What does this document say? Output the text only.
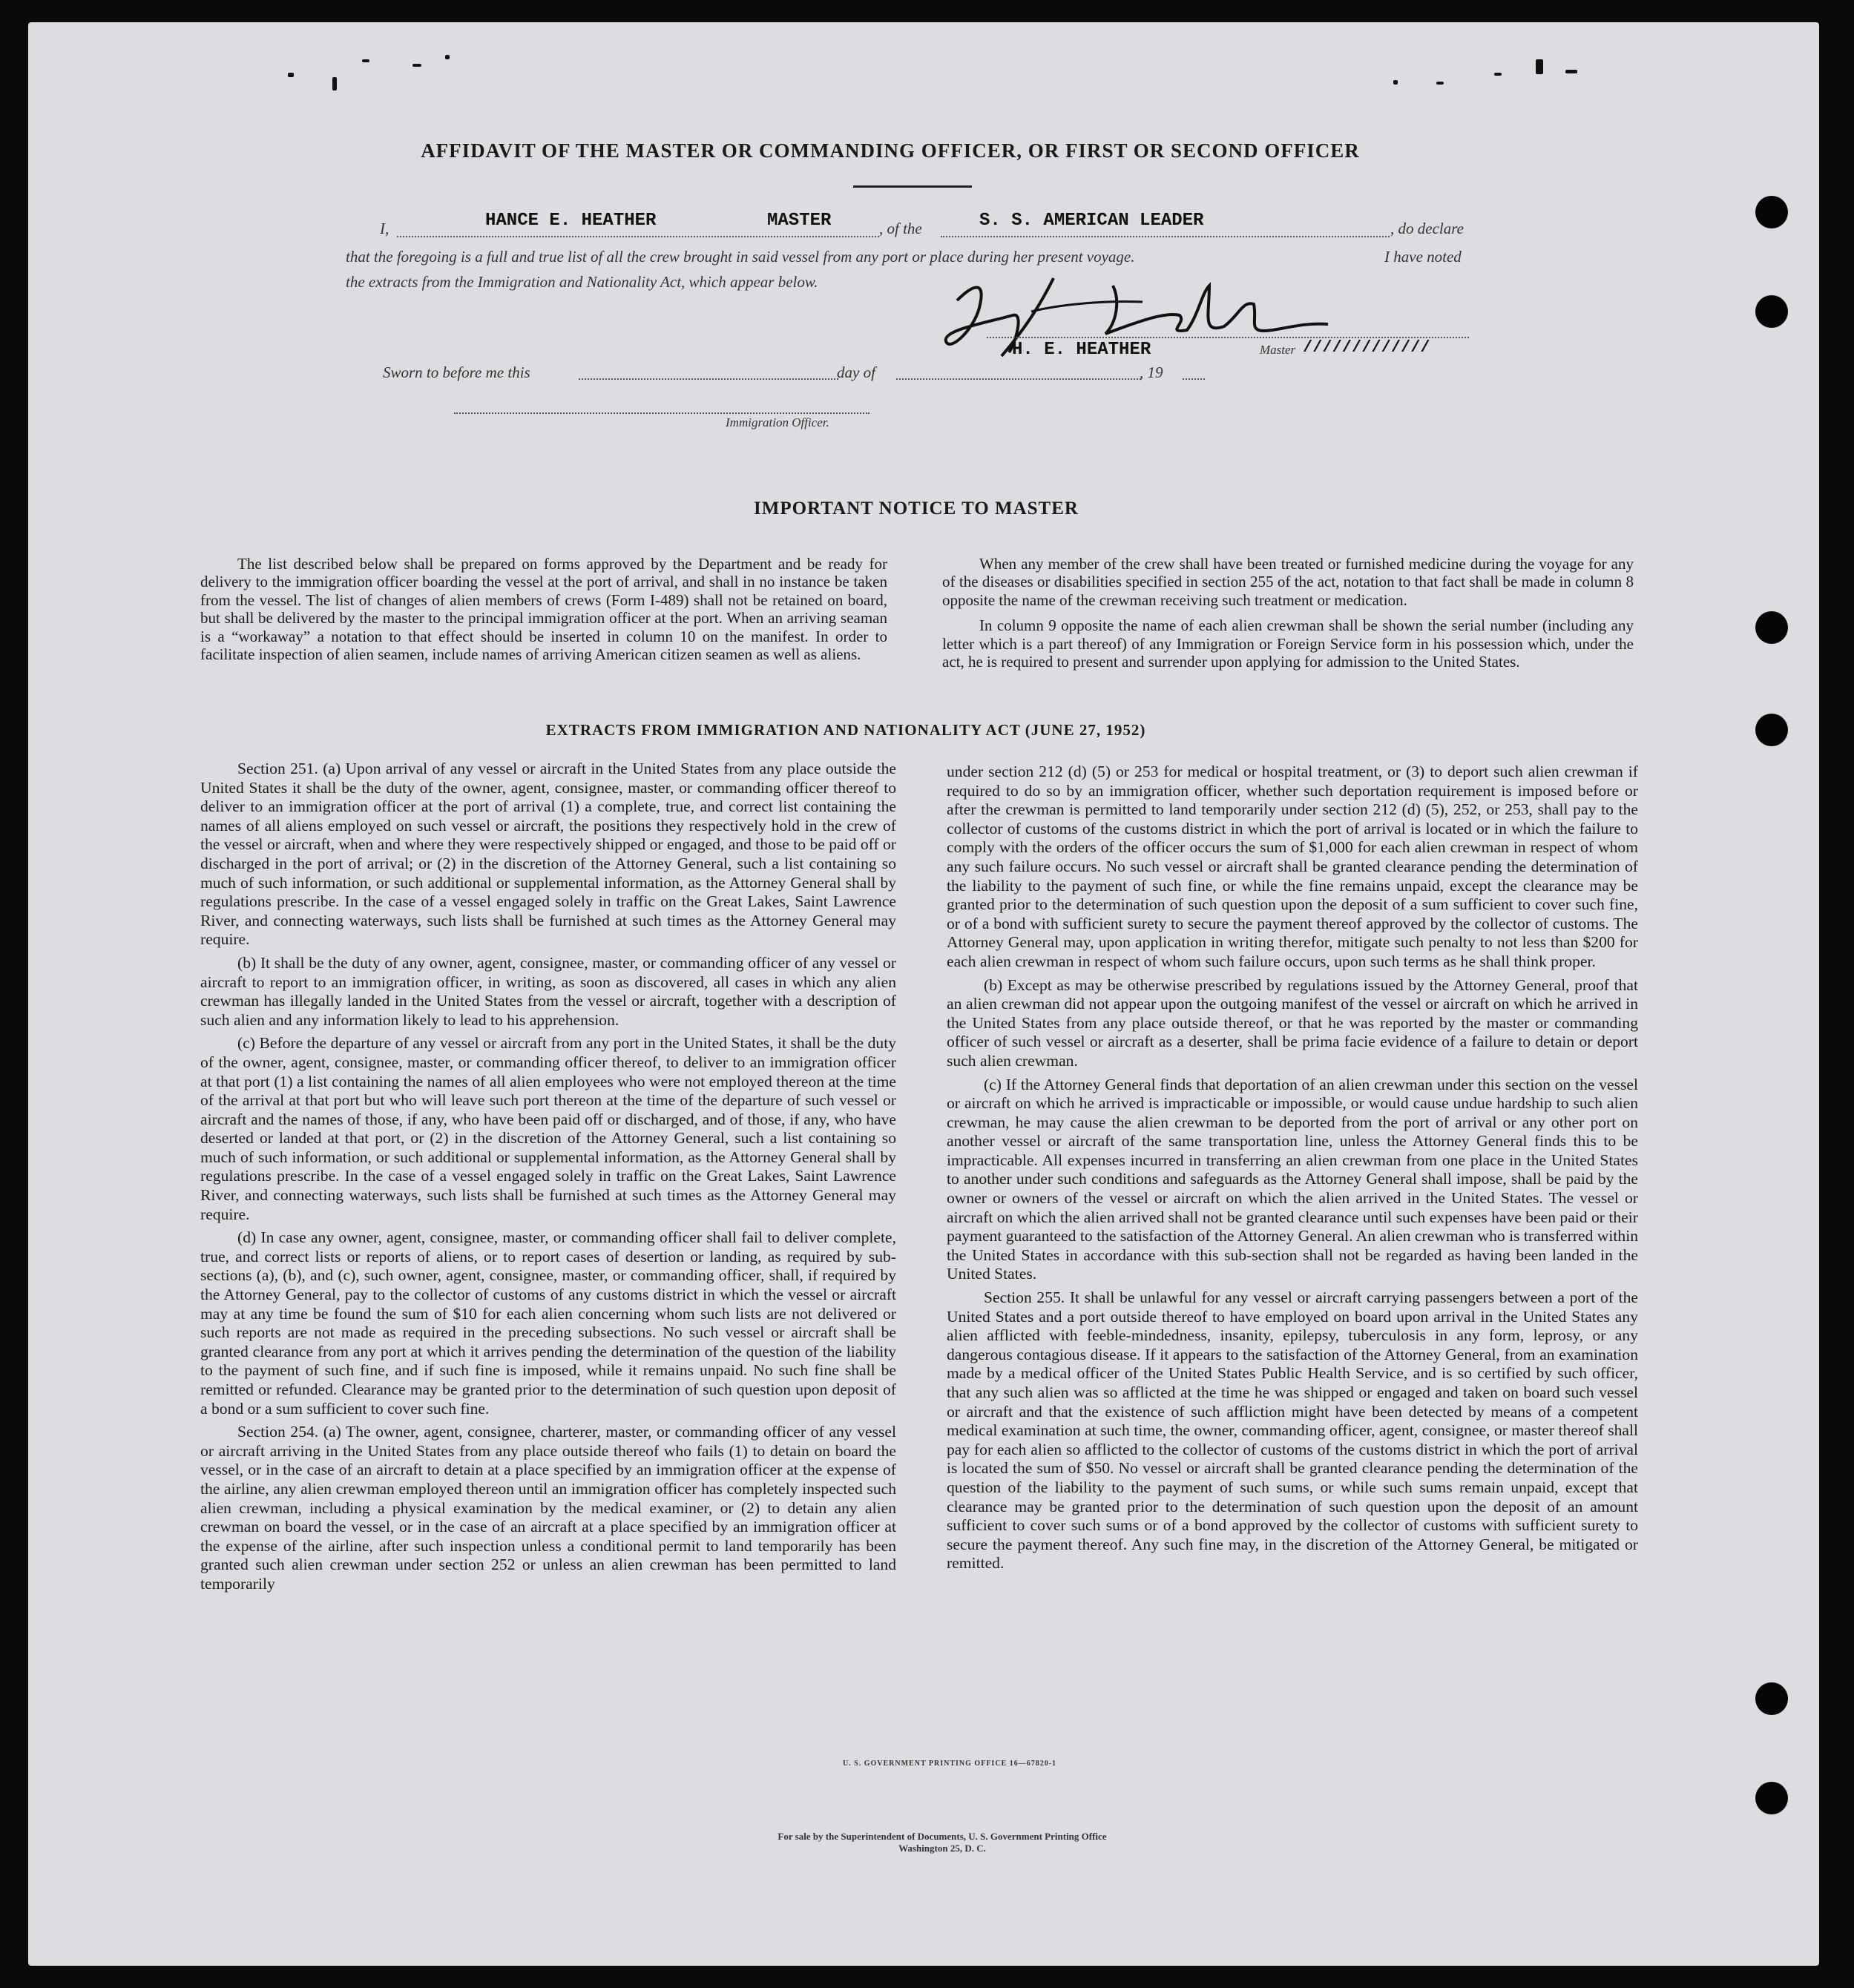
AFFIDAVIT OF THE MASTER OR COMMANDING OFFICER, OR FIRST OR SECOND OFFICER
I,	HANCE E. HEATHER	MASTER	, of the	S. S. AMERICAN LEADER	, do declare
that the foregoing is a full and true list of all the crew brought in said vessel from any port or place during her present voyage.	I have noted
the extracts from the Immigration and Nationality Act, which appear below.
H. E. HEATHER	Master /////////////
Sworn to before me this	day of	, 19
Immigration Officer.
IMPORTANT NOTICE TO MASTER

The list described below shall be prepared on forms approved by the Department and be ready for delivery to the immigration officer boarding the vessel at the port of arrival, and shall in no instance be taken from the vessel. The list of changes of alien members of crews (Form I-489) shall not be retained on board, but shall be delivered by the master to the principal immigration officer at the port. When an arriving seaman is a “workaway” a notation to that effect should be inserted in column 10 on the manifest. In order to facilitate inspection of alien seamen, include names of arriving American citizen seamen as well as aliens.

When any member of the crew shall have been treated or furnished medicine during the voyage for any of the diseases or disabilities specified in section 255 of the act, notation to that fact shall be made in column 8 opposite the name of the crewman receiving such treatment or medication.

In column 9 opposite the name of each alien crewman shall be shown the serial number (including any letter which is a part thereof) of any Immigration or Foreign Service form in his possession which, under the act, he is required to present and surrender upon applying for admission to the United States.

EXTRACTS FROM IMMIGRATION AND NATIONALITY ACT (JUNE 27, 1952)

Section 251. (a) Upon arrival of any vessel or aircraft in the United States from any place outside the United States it shall be the duty of the owner, agent, consignee, master, or commanding officer thereof to deliver to an immigration officer at the port of arrival (1) a complete, true, and correct list containing the names of all aliens employed on such vessel or aircraft, the positions they respectively hold in the crew of the vessel or aircraft, when and where they were respectively shipped or engaged, and those to be paid off or discharged in the port of arrival; or (2) in the discretion of the Attorney General, such a list containing so much of such information, or such additional or supplemental information, as the Attorney General shall by regulations prescribe. In the case of a vessel engaged solely in traffic on the Great Lakes, Saint Lawrence River, and connecting waterways, such lists shall be furnished at such times as the Attorney General may require.

(b) It shall be the duty of any owner, agent, consignee, master, or commanding officer of any vessel or aircraft to report to an immigration officer, in writing, as soon as discovered, all cases in which any alien crewman has illegally landed in the United States from the vessel or aircraft, together with a description of such alien and any information likely to lead to his apprehension.

(c) Before the departure of any vessel or aircraft from any port in the United States, it shall be the duty of the owner, agent, consignee, master, or commanding officer thereof, to deliver to an immigration officer at that port (1) a list containing the names of all alien employees who were not employed thereon at the time of the arrival at that port but who will leave such port thereon at the time of the departure of such vessel or aircraft and the names of those, if any, who have been paid off or discharged, and of those, if any, who have deserted or landed at that port, or (2) in the discretion of the Attorney General, such a list containing so much of such information, or such additional or supplemental information, as the Attorney General shall by regulations prescribe. In the case of a vessel engaged solely in traffic on the Great Lakes, Saint Lawrence River, and connecting waterways, such lists shall be furnished at such times as the Attorney General may require.

(d) In case any owner, agent, consignee, master, or commanding officer shall fail to deliver complete, true, and correct lists or reports of aliens, or to report cases of desertion or landing, as required by sub-sections (a), (b), and (c), such owner, agent, consignee, master, or commanding officer, shall, if required by the Attorney General, pay to the collector of customs of any customs district in which the vessel or aircraft may at any time be found the sum of $10 for each alien concerning whom such lists are not delivered or such reports are not made as required in the preceding subsections. No such vessel or aircraft shall be granted clearance from any port at which it arrives pending the determination of the question of the liability to the payment of such fine, and if such fine is imposed, while it remains unpaid. No such fine shall be remitted or refunded. Clearance may be granted prior to the determination of such question upon deposit of a bond or a sum sufficient to cover such fine.

Section 254. (a) The owner, agent, consignee, charterer, master, or commanding officer of any vessel or aircraft arriving in the United States from any place outside thereof who fails (1) to detain on board the vessel, or in the case of an aircraft to detain at a place specified by an immigration officer at the expense of the airline, any alien crewman employed thereon until an immigration officer has completely inspected such alien crewman, including a physical examination by the medical examiner, or (2) to detain any alien crewman on board the vessel, or in the case of an aircraft at a place specified by an immigration officer at the expense of the airline, after such inspection unless a conditional permit to land temporarily has been granted such alien crewman under section 252 or unless an alien crewman has been permitted to land temporarily

under section 212 (d) (5) or 253 for medical or hospital treatment, or (3) to deport such alien crewman if required to do so by an immigration officer, whether such deportation requirement is imposed before or after the crewman is permitted to land temporarily under section 212 (d) (5), 252, or 253, shall pay to the collector of customs of the customs district in which the port of arrival is located or in which the failure to comply with the orders of the officer occurs the sum of $1,000 for each alien crewman in respect of whom any such failure occurs. No such vessel or aircraft shall be granted clearance pending the determination of the liability to the payment of such fine, or while the fine remains unpaid, except the clearance may be granted prior to the determination of such question upon the deposit of a sum sufficient to cover such fine, or of a bond with sufficient surety to secure the payment thereof approved by the collector of customs. The Attorney General may, upon application in writing therefor, mitigate such penalty to not less than $200 for each alien crewman in respect of whom such failure occurs, upon such terms as he shall think proper.

(b) Except as may be otherwise prescribed by regulations issued by the Attorney General, proof that an alien crewman did not appear upon the outgoing manifest of the vessel or aircraft on which he arrived in the United States from any place outside thereof, or that he was reported by the master or commanding officer of such vessel or aircraft as a deserter, shall be prima facie evidence of a failure to detain or deport such alien crewman.

(c) If the Attorney General finds that deportation of an alien crewman under this section on the vessel or aircraft on which he arrived is impracticable or impossible, or would cause undue hardship to such alien crewman, he may cause the alien crewman to be deported from the port of arrival or any other port on another vessel or aircraft of the same transportation line, unless the Attorney General finds this to be impracticable. All expenses incurred in transferring an alien crewman from one place in the United States to another under such conditions and safeguards as the Attorney General shall impose, shall be paid by the owner or owners of the vessel or aircraft on which the alien arrived in the United States. The vessel or aircraft on which the alien arrived shall not be granted clearance until such expenses have been paid or their payment guaranteed to the satisfaction of the Attorney General. An alien crewman who is transferred within the United States in accordance with this sub-section shall not be regarded as having been landed in the United States.

Section 255. It shall be unlawful for any vessel or aircraft carrying passengers between a port of the United States and a port outside thereof to have employed on board upon arrival in the United States any alien afflicted with feeble-mindedness, insanity, epilepsy, tuberculosis in any form, leprosy, or any dangerous contagious disease. If it appears to the satisfaction of the Attorney General, from an examination made by a medical officer of the United States Public Health Service, and is so certified by such officer, that any such alien was so afflicted at the time he was shipped or engaged and taken on board such vessel or aircraft and that the existence of such affliction might have been detected by means of a competent medical examination at such time, the owner, commanding officer, agent, consignee, or master thereof shall pay for each alien so afflicted to the collector of customs of the customs district in which the port of arrival is located the sum of $50. No vessel or aircraft shall be granted clearance pending the determination of the question of the liability to the payment of such sums, or while such sums remain unpaid, except that clearance may be granted prior to the determination of such question upon the deposit of an amount sufficient to cover such sums or of a bond approved by the collector of customs with sufficient surety to secure the payment thereof. Any such fine may, in the discretion of the Attorney General, be mitigated or remitted.

U. S. GOVERNMENT PRINTING OFFICE 16—67820-1
For sale by the Superintendent of Documents, U. S. Government Printing Office
Washington 25, D. C.
